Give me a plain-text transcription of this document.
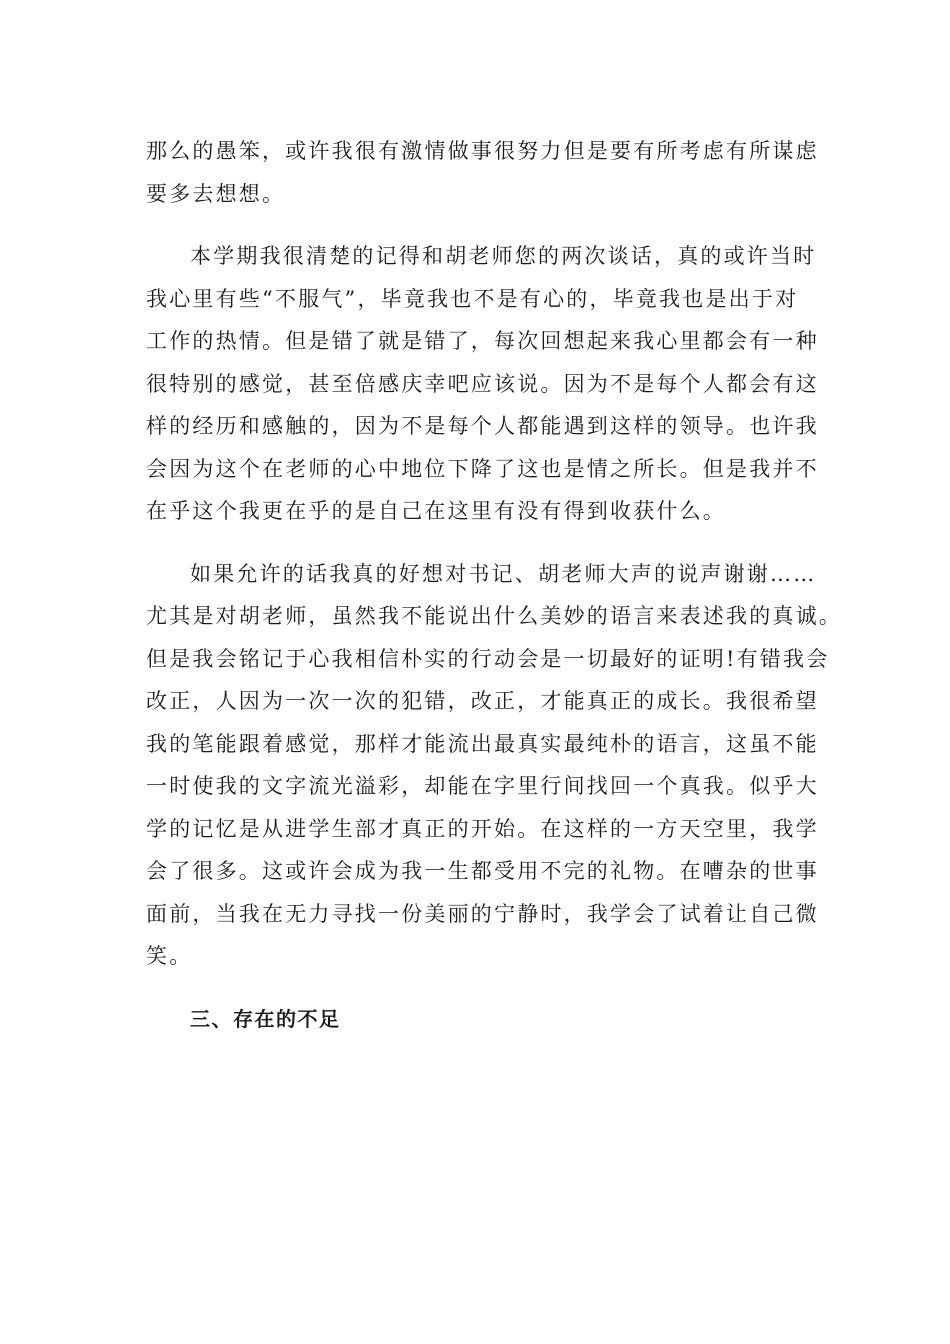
那么的愚笨，或许我很有激情做事很努力但是要有所考虑有所谋虑
要多去想想。
本学期我很清楚的记得和胡老师您的两次谈话，真的或许当时
我心里有些“不服气”，毕竟我也不是有心的，毕竟我也是出于对
工作的热情。但是错了就是错了，每次回想起来我心里都会有一种
很特别的感觉，甚至倍感庆幸吧应该说。因为不是每个人都会有这
样的经历和感触的，因为不是每个人都能遇到这样的领导。也许我
会因为这个在老师的心中地位下降了这也是情之所长。但是我并不
在乎这个我更在乎的是自己在这里有没有得到收获什么。
如果允许的话我真的好想对书记、胡老师大声的说声谢谢……
尤其是对胡老师，虽然我不能说出什么美妙的语言来表述我的真诚。
但是我会铭记于心我相信朴实的行动会是一切最好的证明!有错我会
改正，人因为一次一次的犯错，改正，才能真正的成长。我很希望
我的笔能跟着感觉，那样才能流出最真实最纯朴的语言，这虽不能
一时使我的文字流光溢彩，却能在字里行间找回一个真我。似乎大
学的记忆是从进学生部才真正的开始。在这样的一方天空里，我学
会了很多。这或许会成为我一生都受用不完的礼物。在嘈杂的世事
面前，当我在无力寻找一份美丽的宁静时，我学会了试着让自己微
笑。
三、存在的不足
